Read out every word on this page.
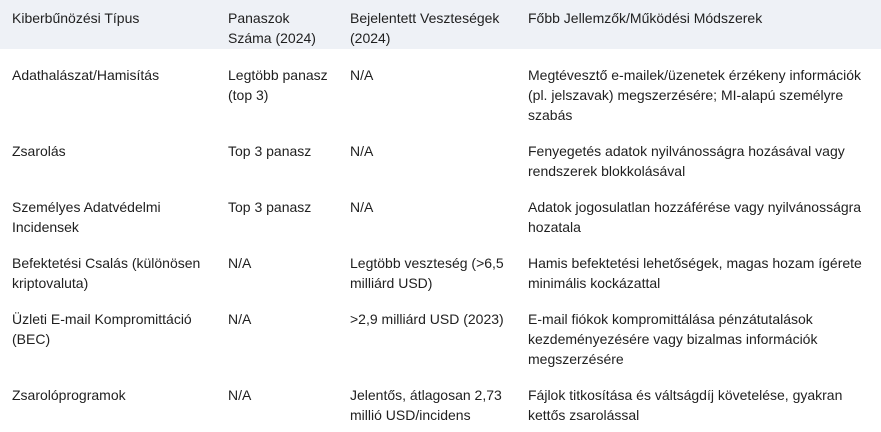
Kiberbűnözési Típus	Panaszok Száma (2024)	Bejelentett Veszteségek (2024)	Főbb Jellemzők/Működési Módszerek
Adathalászat/Hamisítás	Legtöbb panasz (top 3)	N/A	Megtévesztő e-mailek/üzenetek érzékeny információk (pl. jelszavak) megszerzésére; MI-alapú személyre szabás
Zsarolás	Top 3 panasz	N/A	Fenyegetés adatok nyilvánosságra hozásával vagy rendszerek blokkolásával
Személyes Adatvédelmi Incidensek	Top 3 panasz	N/A	Adatok jogosulatlan hozzáférése vagy nyilvánosságra hozatala
Befektetési Csalás (különösen kriptovaluta)	N/A	Legtöbb veszteség (>6,5 milliárd USD)	Hamis befektetési lehetőségek, magas hozam ígérete minimális kockázattal
Üzleti E-mail Kompromittáció (BEC)	N/A	>2,9 milliárd USD (2023)	E-mail fiókok kompromittálása pénzátutalások kezdeményezésére vagy bizalmas információk megszerzésére
Zsarolóprogramok	N/A	Jelentős, átlagosan 2,73 millió USD/incidens	Fájlok titkosítása és váltságdíj követelése, gyakran kettős zsarolással
